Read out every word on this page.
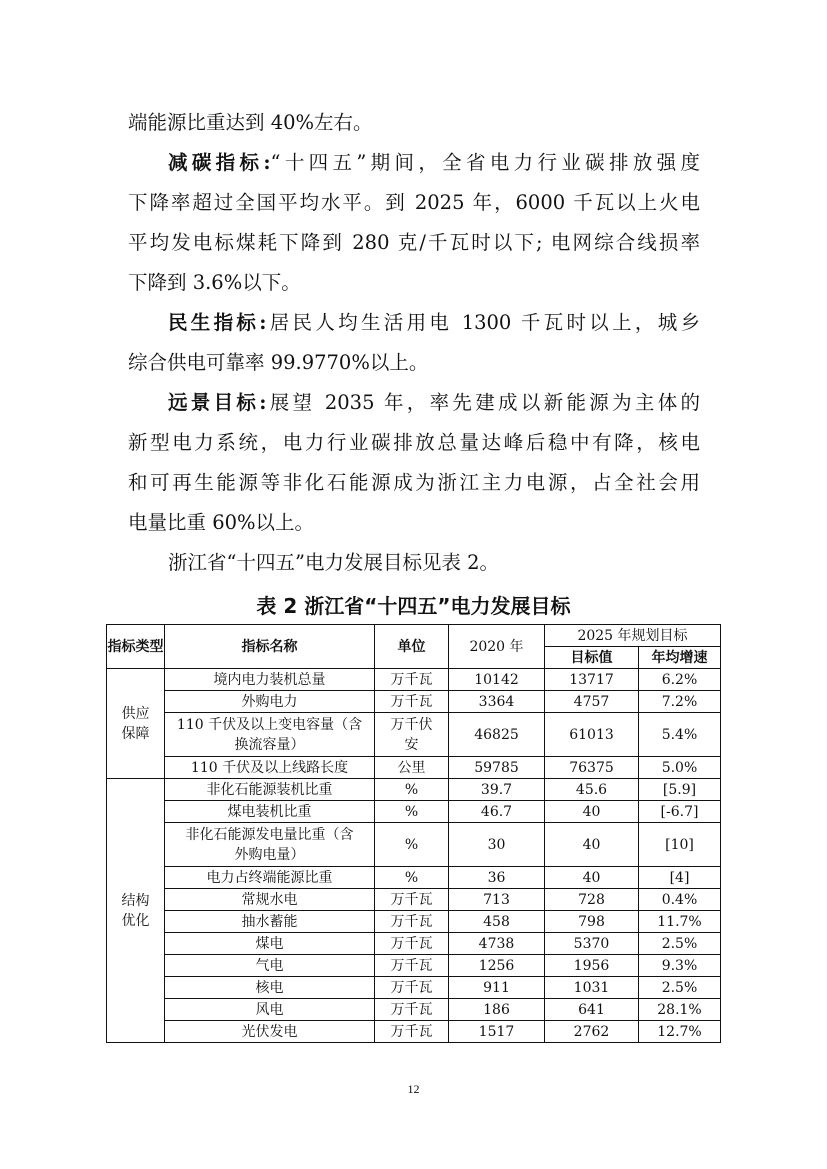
端能源比重达到 40%左右。
减碳指标:“十四五”期间，全省电力行业碳排放强度
下降率超过全国平均水平。到 2025 年，6000 千瓦以上火电
平均发电标煤耗下降到 280 克/千瓦时以下; 电网综合线损率
下降到 3.6%以下。
民生指标:居民人均生活用电 1300 千瓦时以上，城乡
综合供电可靠率 99.9770%以上。
远景目标:展望 2035 年，率先建成以新能源为主体的
新型电力系统，电力行业碳排放总量达峰后稳中有降，核电
和可再生能源等非化石能源成为浙江主力电源，占全社会用
电量比重 60%以上。
浙江省“十四五”电力发展目标见表 2。
表 2 浙江省“十四五”电力发展目标
指标类型	指标名称	单位	2020 年	2025 年规划目标	
				目标值	年均增速
供应保障	境内电力装机总量	万千瓦	10142	13717	6.2%
	外购电力	万千瓦	3364	4757	7.2%
	110 千伏及以上变电容量（含换流容量）	万千伏安	46825	61013	5.4%
	110 千伏及以上线路长度	公里	59785	76375	5.0%
结构优化	非化石能源装机比重	%	39.7	45.6	[5.9]
	煤电装机比重	%	46.7	40	[-6.7]
	非化石能源发电量比重（含外购电量）	%	30	40	[10]
	电力占终端能源比重	%	36	40	[4]
	常规水电	万千瓦	713	728	0.4%
	抽水蓄能	万千瓦	458	798	11.7%
	煤电	万千瓦	4738	5370	2.5%
	气电	万千瓦	1256	1956	9.3%
	核电	万千瓦	911	1031	2.5%
	风电	万千瓦	186	641	28.1%
	光伏发电	万千瓦	1517	2762	12.7%
12
